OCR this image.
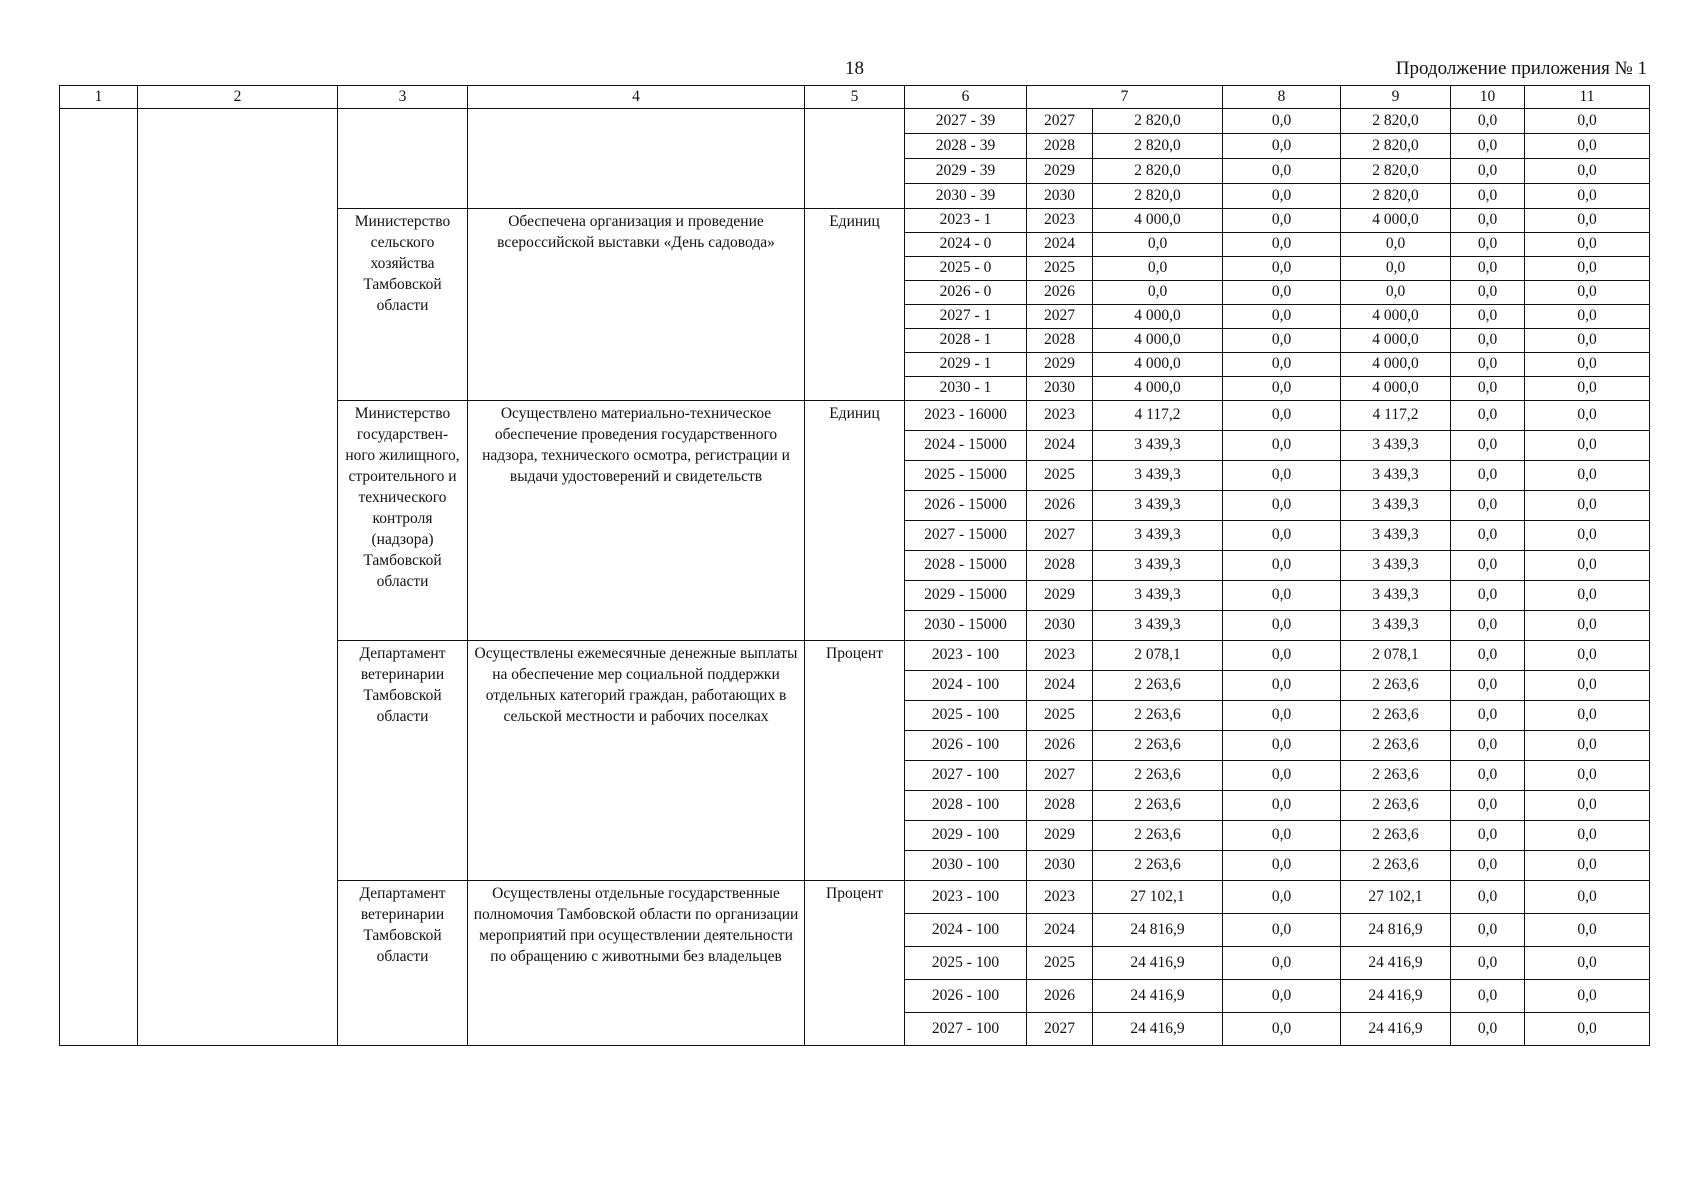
18	Продолжение приложения № 1
1	2	3	4	5	6	7		8	9	10	11
					2027 - 39	2027	2 820,0	0,0	2 820,0	0,0	0,0
					2028 - 39	2028	2 820,0	0,0	2 820,0	0,0	0,0
					2029 - 39	2029	2 820,0	0,0	2 820,0	0,0	0,0
					2030 - 39	2030	2 820,0	0,0	2 820,0	0,0	0,0
		Министерство сельского хозяйства Тамбовской области	Обеспечена организация и проведение всероссийской выставки «День садовода»	Единиц	2023 - 1	2023	4 000,0	0,0	4 000,0	0,0	0,0
					2024 - 0	2024	0,0	0,0	0,0	0,0	0,0
					2025 - 0	2025	0,0	0,0	0,0	0,0	0,0
					2026 - 0	2026	0,0	0,0	0,0	0,0	0,0
					2027 - 1	2027	4 000,0	0,0	4 000,0	0,0	0,0
					2028 - 1	2028	4 000,0	0,0	4 000,0	0,0	0,0
					2029 - 1	2029	4 000,0	0,0	4 000,0	0,0	0,0
					2030 - 1	2030	4 000,0	0,0	4 000,0	0,0	0,0
		Министерство государствен-ного жилищного, строительного и технического контроля (надзора) Тамбовской области	Осуществлено материально-техническое обеспечение проведения государственного надзора, технического осмотра, регистрации и выдачи удостоверений и свидетельств	Единиц	2023 - 16000	2023	4 117,2	0,0	4 117,2	0,0	0,0
					2024 - 15000	2024	3 439,3	0,0	3 439,3	0,0	0,0
					2025 - 15000	2025	3 439,3	0,0	3 439,3	0,0	0,0
					2026 - 15000	2026	3 439,3	0,0	3 439,3	0,0	0,0
					2027 - 15000	2027	3 439,3	0,0	3 439,3	0,0	0,0
					2028 - 15000	2028	3 439,3	0,0	3 439,3	0,0	0,0
					2029 - 15000	2029	3 439,3	0,0	3 439,3	0,0	0,0
					2030 - 15000	2030	3 439,3	0,0	3 439,3	0,0	0,0
		Департамент ветеринарии Тамбовской области	Осуществлены ежемесячные денежные выплаты на обеспечение мер социальной поддержки отдельных категорий граждан, работающих в сельской местности и рабочих поселках	Процент	2023 - 100	2023	2 078,1	0,0	2 078,1	0,0	0,0
					2024 - 100	2024	2 263,6	0,0	2 263,6	0,0	0,0
					2025 - 100	2025	2 263,6	0,0	2 263,6	0,0	0,0
					2026 - 100	2026	2 263,6	0,0	2 263,6	0,0	0,0
					2027 - 100	2027	2 263,6	0,0	2 263,6	0,0	0,0
					2028 - 100	2028	2 263,6	0,0	2 263,6	0,0	0,0
					2029 - 100	2029	2 263,6	0,0	2 263,6	0,0	0,0
					2030 - 100	2030	2 263,6	0,0	2 263,6	0,0	0,0
		Департамент ветеринарии Тамбовской области	Осуществлены отдельные государственные полномочия Тамбовской области по организации мероприятий при осуществлении деятельности по обращению с животными без владельцев	Процент	2023 - 100	2023	27 102,1	0,0	27 102,1	0,0	0,0
					2024 - 100	2024	24 816,9	0,0	24 816,9	0,0	0,0
					2025 - 100	2025	24 416,9	0,0	24 416,9	0,0	0,0
					2026 - 100	2026	24 416,9	0,0	24 416,9	0,0	0,0
					2027 - 100	2027	24 416,9	0,0	24 416,9	0,0	0,0
